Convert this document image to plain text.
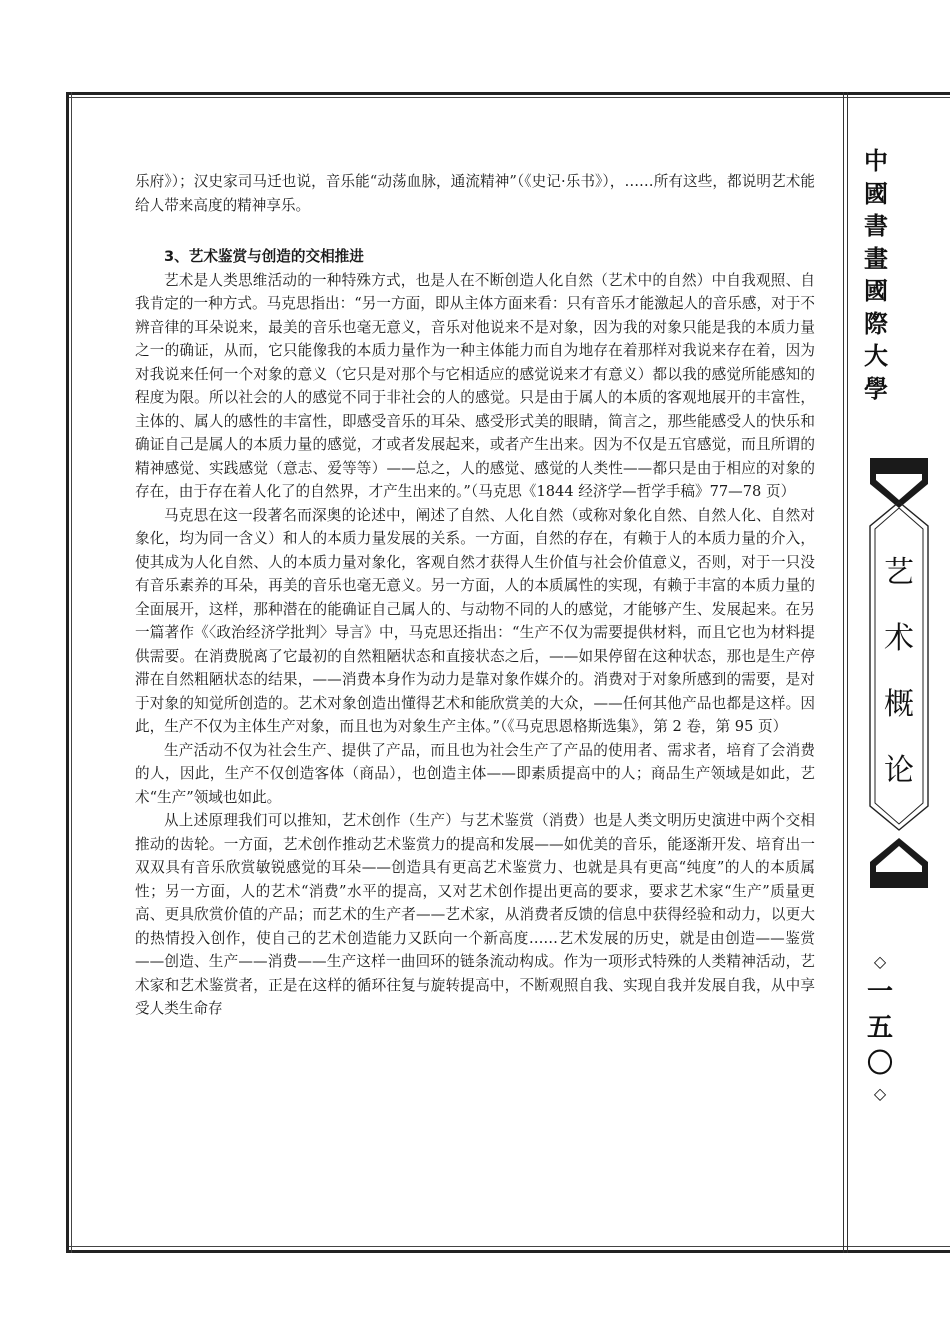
乐府》）；汉史家司马迁也说，音乐能“动荡血脉，通流精神”（《史记·乐书》），……所有这些，都说明艺术能给人带来高度的精神享乐。

3、艺术鉴赏与创造的交相推进

艺术是人类思维活动的一种特殊方式，也是人在不断创造人化自然（艺术中的自然）中自我观照、自我肯定的一种方式。马克思指出：“另一方面，即从主体方面来看：只有音乐才能激起人的音乐感，对于不辨音律的耳朵说来，最美的音乐也毫无意义，音乐对他说来不是对象，因为我的对象只能是我的本质力量之一的确证，从而，它只能像我的本质力量作为一种主体能力而自为地存在着那样对我说来存在着，因为对我说来任何一个对象的意义（它只是对那个与它相适应的感觉说来才有意义）都以我的感觉所能感知的程度为限。所以社会的人的感觉不同于非社会的人的感觉。只是由于属人的本质的客观地展开的丰富性，主体的、属人的感性的丰富性，即感受音乐的耳朵、感受形式美的眼睛，简言之，那些能感受人的快乐和确证自己是属人的本质力量的感觉，才或者发展起来，或者产生出来。因为不仅是五官感觉，而且所谓的精神感觉、实践感觉（意志、爱等等）——总之，人的感觉、感觉的人类性——都只是由于相应的对象的存在，由于存在着人化了的自然界，才产生出来的。”（马克思《1844 经济学—哲学手稿》77—78 页）

马克思在这一段著名而深奥的论述中，阐述了自然、人化自然（或称对象化自然、自然人化、自然对象化，均为同一含义）和人的本质力量发展的关系。一方面，自然的存在，有赖于人的本质力量的介入，使其成为人化自然、人的本质力量对象化，客观自然才获得人生价值与社会价值意义，否则，对于一只没有音乐素养的耳朵，再美的音乐也毫无意义。另一方面，人的本质属性的实现，有赖于丰富的本质力量的全面展开，这样，那种潜在的能确证自己属人的、与动物不同的人的感觉，才能够产生、发展起来。在另一篇著作《〈政治经济学批判〉导言》中，马克思还指出：“生产不仅为需要提供材料，而且它也为材料提供需要。在消费脱离了它最初的自然粗陋状态和直接状态之后，——如果停留在这种状态，那也是生产停滞在自然粗陋状态的结果，——消费本身作为动力是靠对象作媒介的。消费对于对象所感到的需要，是对于对象的知觉所创造的。艺术对象创造出懂得艺术和能欣赏美的大众，——任何其他产品也都是这样。因此，生产不仅为主体生产对象，而且也为对象生产主体。”（《马克思恩格斯选集》，第 2 卷，第 95 页）

生产活动不仅为社会生产、提供了产品，而且也为社会生产了产品的使用者、需求者，培育了会消费的人，因此，生产不仅创造客体（商品），也创造主体——即素质提高中的人；商品生产领域是如此，艺术“生产”领域也如此。

从上述原理我们可以推知，艺术创作（生产）与艺术鉴赏（消费）也是人类文明历史演进中两个交相推动的齿轮。一方面，艺术创作推动艺术鉴赏力的提高和发展——如优美的音乐，能逐渐开发、培育出一双双具有音乐欣赏敏锐感觉的耳朵——创造具有更高艺术鉴赏力、也就是具有更高“纯度”的人的本质属性；另一方面，人的艺术“消费”水平的提高，又对艺术创作提出更高的要求，要求艺术家“生产”质量更高、更具欣赏价值的产品；而艺术的生产者——艺术家，从消费者反馈的信息中获得经验和动力，以更大的热情投入创作，使自己的艺术创造能力又跃向一个新高度……艺术发展的历史，就是由创造——鉴赏——创造、生产——消费——生产这样一曲回环的链条流动构成。作为一项形式特殊的人类精神活动，艺术家和艺术鉴赏者，正是在这样的循环往复与旋转提高中，不断观照自我、实现自我并发展自我，从中享受人类生命存

中
國
書
畫
國
際
大
學
艺
术
概
论
◇
一
五
〇
◇
